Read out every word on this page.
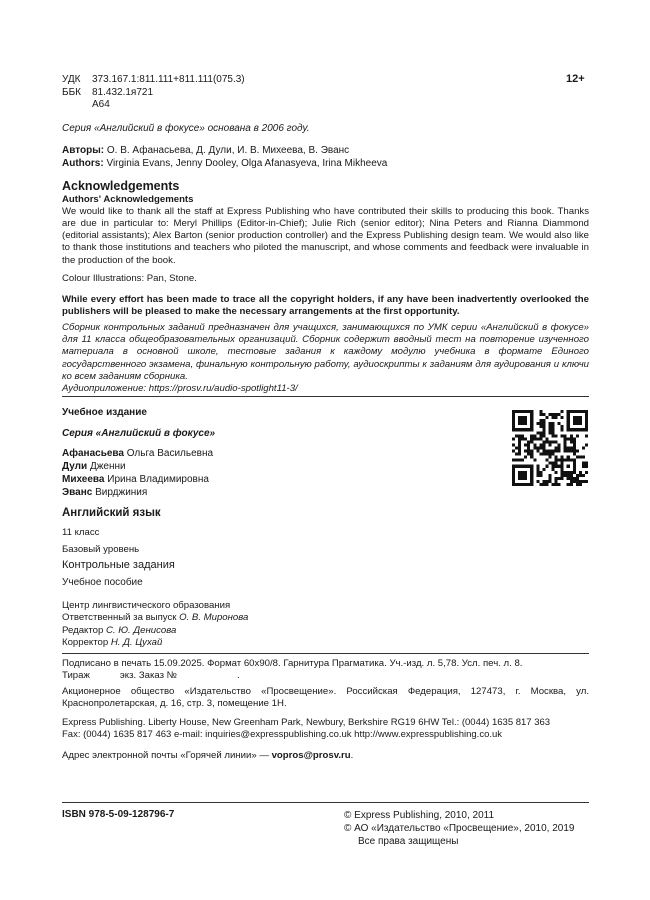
УДК	373.167.1:811.111+811.111(075.3)
ББК	81.432.1я721
А64
12+
Серия «Английский в фокусе» основана в 2006 году.
Авторы: О. В. Афанасьева, Д. Дули, И. В. Михеева, В. Эванс
Authors: Virginia Evans, Jenny Dooley, Olga Afanasyeva, Irina Mikheeva
Acknowledgements
Authors' Acknowledgements

We would like to thank all the staff at Express Publishing who have contributed their skills to producing this book. Thanks are due in particular to: Meryl Phillips (Editor-in-Chief); Julie Rich (senior editor); Nina Peters and Rianna Diammond (editorial assistants); Alex Barton (senior production controller) and the Express Publishing design team. We would also like to thank those institutions and teachers who piloted the manuscript, and whose comments and feedback were invaluable in the production of the book.

Colour Illustrations: Pan, Stone.

While every effort has been made to trace all the copyright holders, if any have been inadvertently overlooked the publishers will be pleased to make the necessary arrangements at the first opportunity.

Сборник контрольных заданий предназначен для учащихся, занимающихся по УМК серии «Английский в фокусе» для 11 класса общеобразовательных организаций. Сборник содержит вводный тест на повторение изученного материала в основной школе, тестовые задания к каждому модулю учебника в формате Единого государственного экзамена, финальную контрольную работу, аудиоскрипты к заданиям для аудирования и ключи ко всем заданиям сборника.

Аудиоприложение: https://prosv.ru/audio-spotlight11-3/

Учебное издание
Серия «Английский в фокусе»
Афанасьева Ольга Васильевна
Дули Дженни
Михеева Ирина Владимировна
Эванс Вирджиния
Английский язык
11 класс
Базовый уровень
Контрольные задания
Учебное пособие
Центр лингвистического образования
Ответственный за выпуск О. В. Миронова
Редактор С. Ю. Денисова
Корректор Н. Д. Цухай

Подписано в печать 15.09.2025. Формат 60x90/8. Гарнитура Прагматика. Уч.-изд. л. 5,78. Усл. печ. л. 8.

Тираж	экз. Заказ №	.

Акционерное общество «Издательство «Просвещение». Российская Федерация, 127473, г. Москва, ул. Краснопролетарская, д. 16, стр. 3, помещение 1Н.

Express Publishing. Liberty House, New Greenham Park, Newbury, Berkshire RG19 6HW Tel.: (0044) 1635 817 363
Fax: (0044) 1635 817 463 e-mail: inquiries@expresspublishing.co.uk http://www.expresspublishing.co.uk
Адрес электронной почты «Горячей линии» — vopros@prosv.ru.
ISBN 978-5-09-128796-7	© Express Publishing, 2010, 2011
© АО «Издательство «Просвещение», 2010, 2019
Все права защищены
